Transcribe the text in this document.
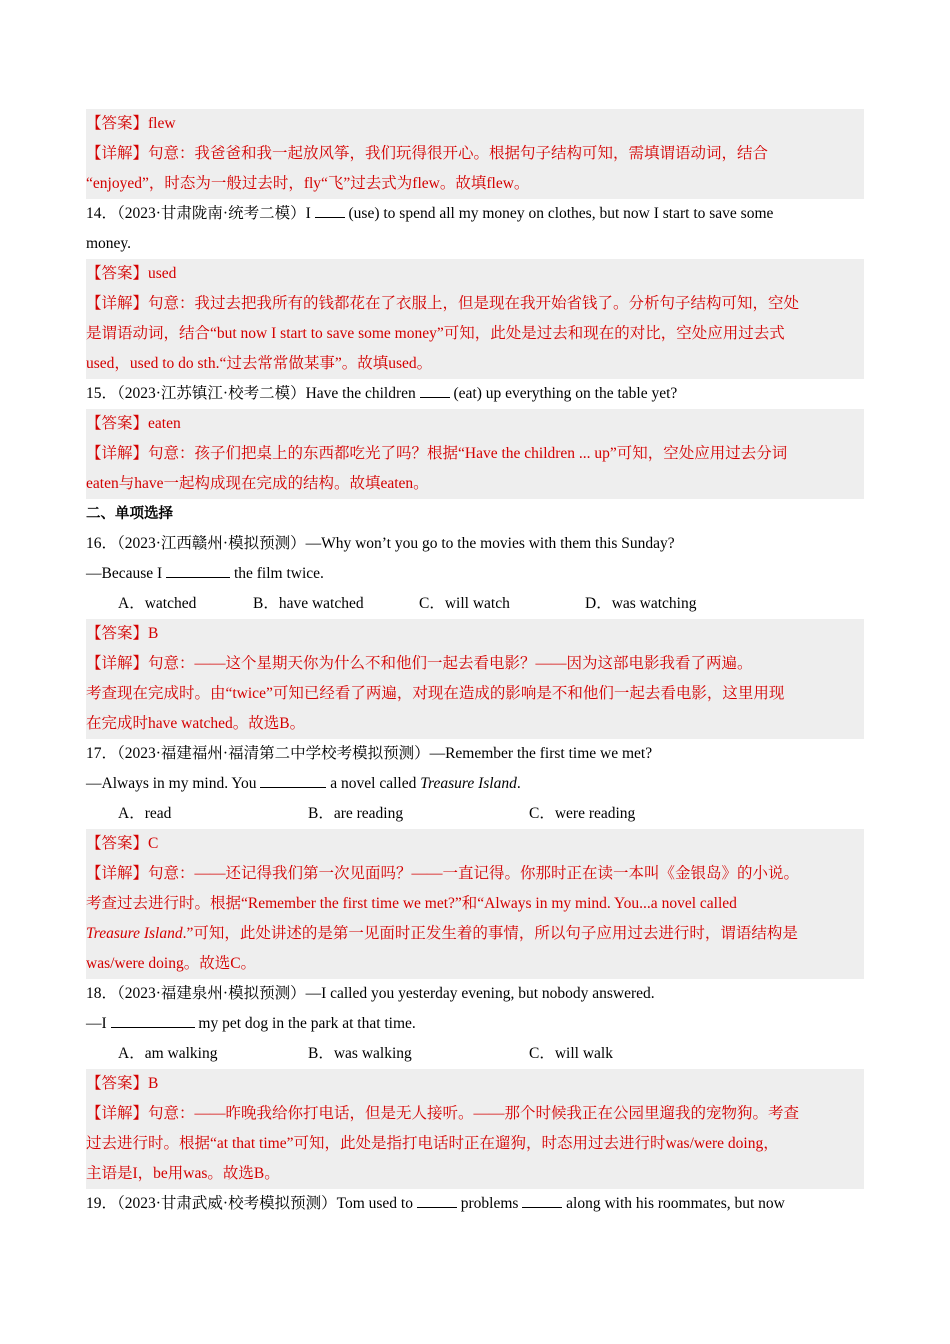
【答案】flew
【详解】句意：我爸爸和我一起放风筝，我们玩得很开心。根据句子结构可知，需填谓语动词，结合
“enjoyed”，时态为一般过去时，fly“飞”过去式为flew。故填flew。
14．（2023·甘肃陇南·统考二模）I  (use) to spend all my money on clothes, but now I start to save some
money.
【答案】used
【详解】句意：我过去把我所有的钱都花在了衣服上，但是现在我开始省钱了。分析句子结构可知，空处
是谓语动词，结合“but now I start to save some money”可知，此处是过去和现在的对比，空处应用过去式
used，used to do sth.“过去常常做某事”。故填used。
15．（2023·江苏镇江·校考二模）Have the children  (eat) up everything on the table yet?
【答案】eaten
【详解】句意：孩子们把桌上的东西都吃光了吗？根据“Have the children ... up”可知，空处应用过去分词
eaten与have一起构成现在完成的结构。故填eaten。
二、单项选择
16．（2023·江西赣州·模拟预测）—Why won’t you go to the movies with them this Sunday?
—Because I	the film twice.
A．watched	B．have watched	C．will watch	D．was watching
【答案】B
【详解】句意：——这个星期天你为什么不和他们一起去看电影？——因为这部电影我看了两遍。
考查现在完成时。由“twice”可知已经看了两遍，对现在造成的影响是不和他们一起去看电影，这里用现
在完成时have watched。故选B。
17．（2023·福建福州·福清第二中学校考模拟预测）—Remember the first time we met?
—Always in my mind. You	a novel called Treasure Island.
A．read	B．are reading	C．were reading
【答案】C
【详解】句意：——还记得我们第一次见面吗？——一直记得。你那时正在读一本叫《金银岛》的小说。
考查过去进行时。根据“Remember the first time we met?”和“Always in my mind. You...a novel called
Treasure Island.”可知，此处讲述的是第一见面时正发生着的事情，所以句子应用过去进行时，谓语结构是
was/were doing。故选C。
18．（2023·福建泉州·模拟预测）—I called you yesterday evening, but nobody answered.
—I	my pet dog in the park at that time.
A．am walking	B．was walking	C．will walk
【答案】B
【详解】句意：——昨晚我给你打电话，但是无人接听。——那个时候我正在公园里遛我的宠物狗。考查
过去进行时。根据“at that time”可知，此处是指打电话时正在遛狗，时态用过去进行时was/were doing，
主语是I，be用was。故选B。
19．（2023·甘肃武威·校考模拟预测）Tom used to	problems	along with his roommates, but now
